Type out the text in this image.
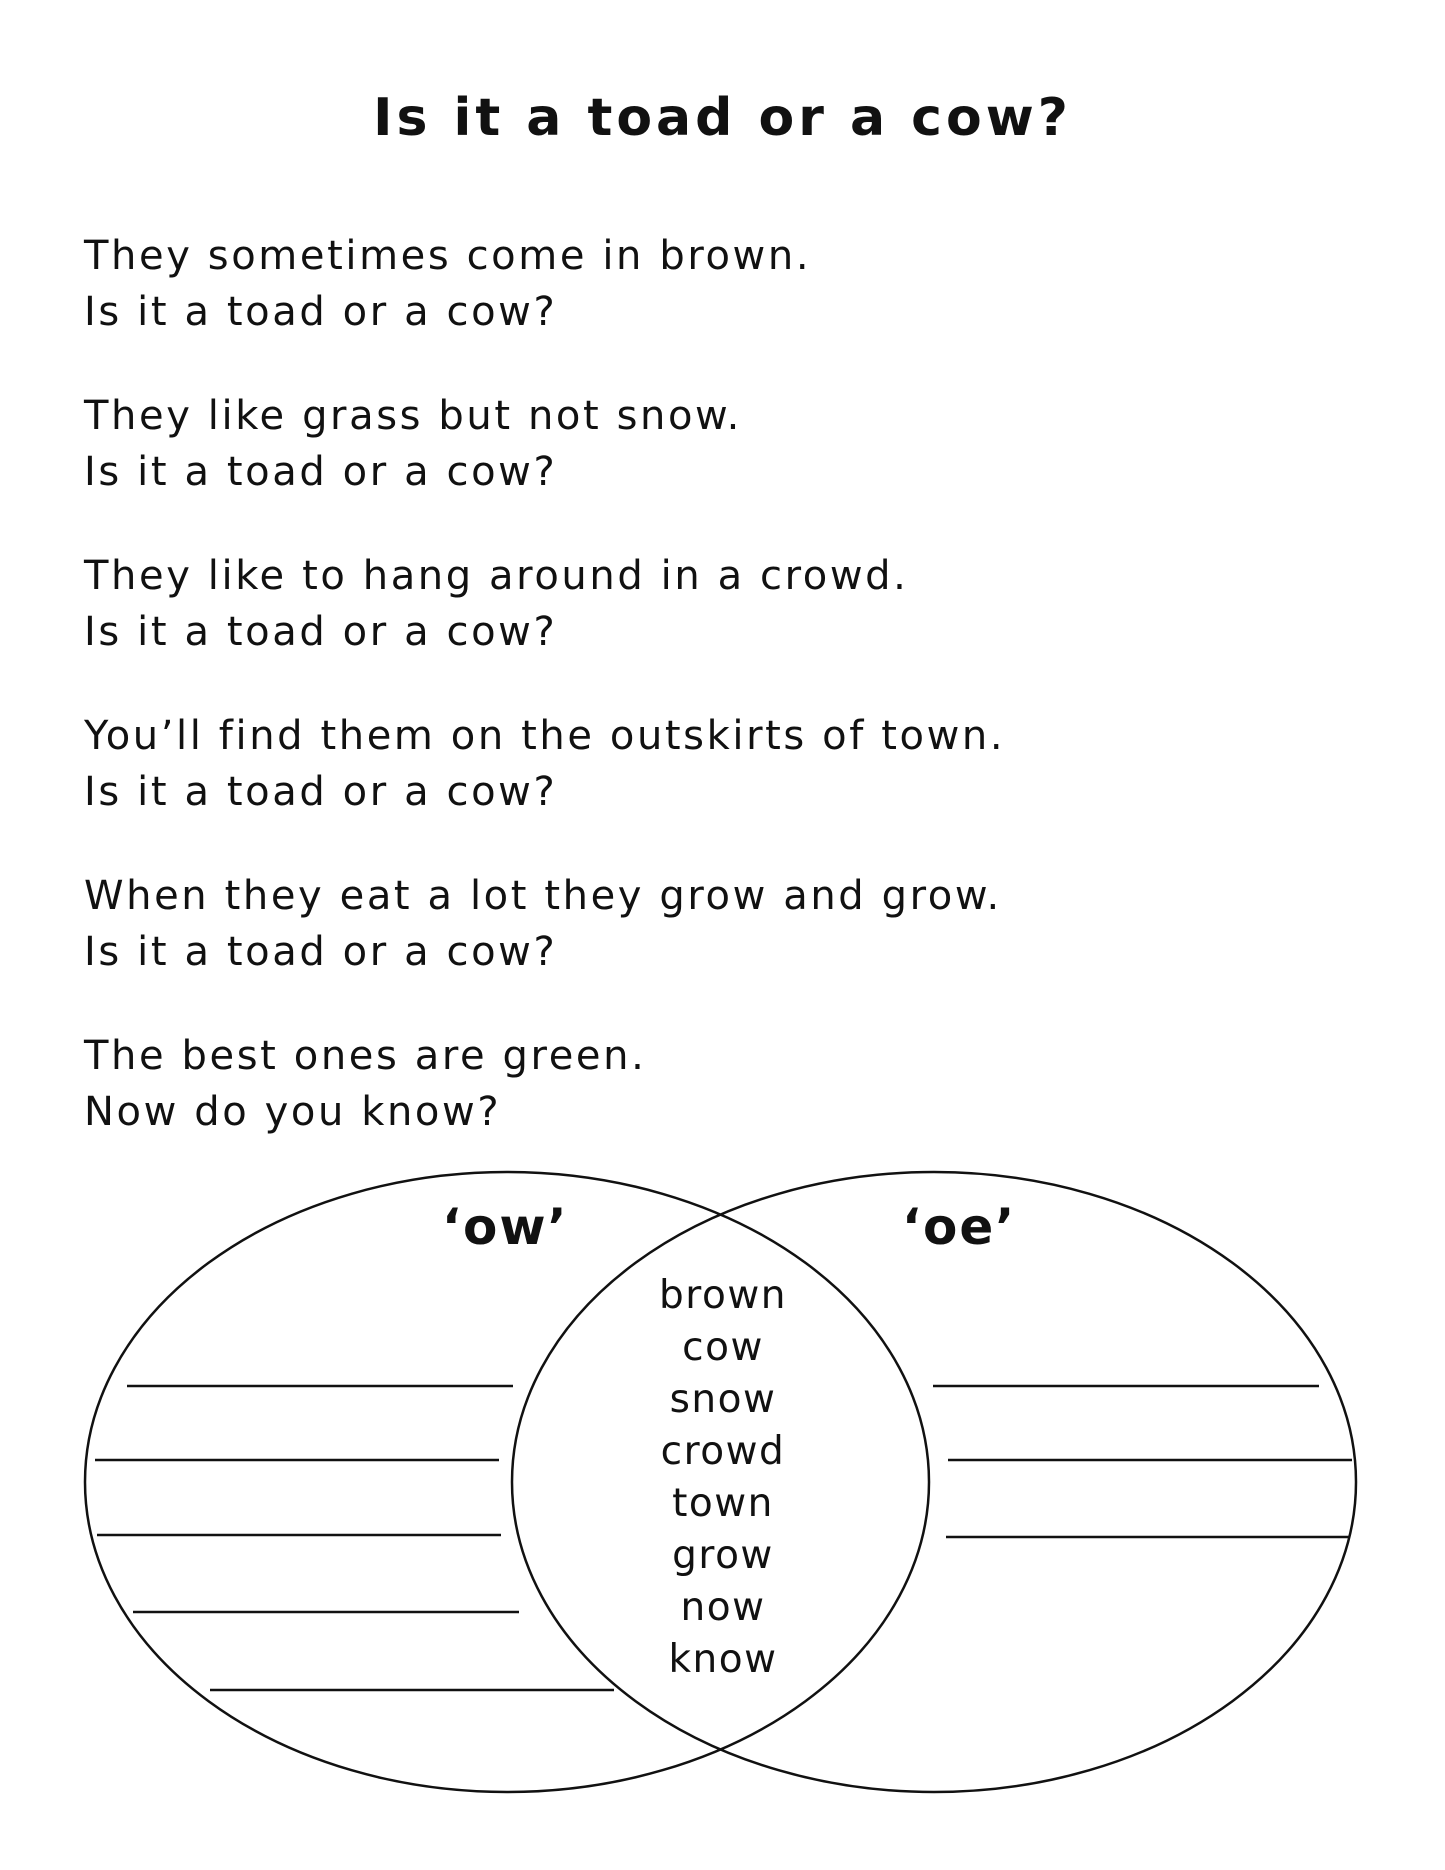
Is it a toad or a cow?
They sometimes come in brown.
Is it a toad or a cow?
They like grass but not snow.
Is it a toad or a cow?
They like to hang around in a crowd.
Is it a toad or a cow?
You’ll find them on the outskirts of town.
Is it a toad or a cow?
When they eat a lot they grow and grow.
Is it a toad or a cow?
The best ones are green.
Now do you know?
‘ow’	‘oe’
brown
cow
snow
crowd
town
grow
now
know
